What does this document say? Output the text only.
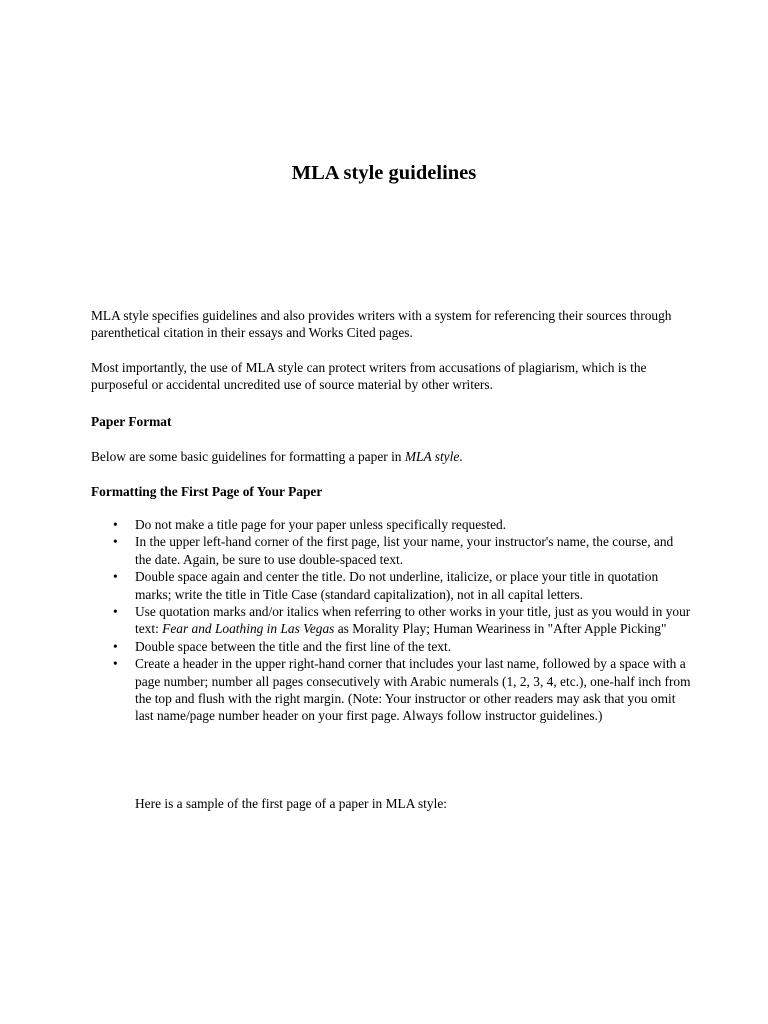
MLA style guidelines

MLA style specifies guidelines and also provides writers with a system for referencing their sources through parenthetical citation in their essays and Works Cited pages.

Most importantly, the use of MLA style can protect writers from accusations of plagiarism, which is the purposeful or accidental uncredited use of source material by other writers.

Paper Format

Below are some basic guidelines for formatting a paper in MLA style.

Formatting the First Page of Your Paper

• Do not make a title page for your paper unless specifically requested.
• In the upper left-hand corner of the first page, list your name, your instructor's name, the course, and the date. Again, be sure to use double-spaced text.
• Double space again and center the title. Do not underline, italicize, or place your title in quotation marks; write the title in Title Case (standard capitalization), not in all capital letters.
• Use quotation marks and/or italics when referring to other works in your title, just as you would in your text: Fear and Loathing in Las Vegas as Morality Play; Human Weariness in "After Apple Picking"
• Double space between the title and the first line of the text.
• Create a header in the upper right-hand corner that includes your last name, followed by a space with a page number; number all pages consecutively with Arabic numerals (1, 2, 3, 4, etc.), one-half inch from the top and flush with the right margin. (Note: Your instructor or other readers may ask that you omit last name/page number header on your first page. Always follow instructor guidelines.)

Here is a sample of the first page of a paper in MLA style:
